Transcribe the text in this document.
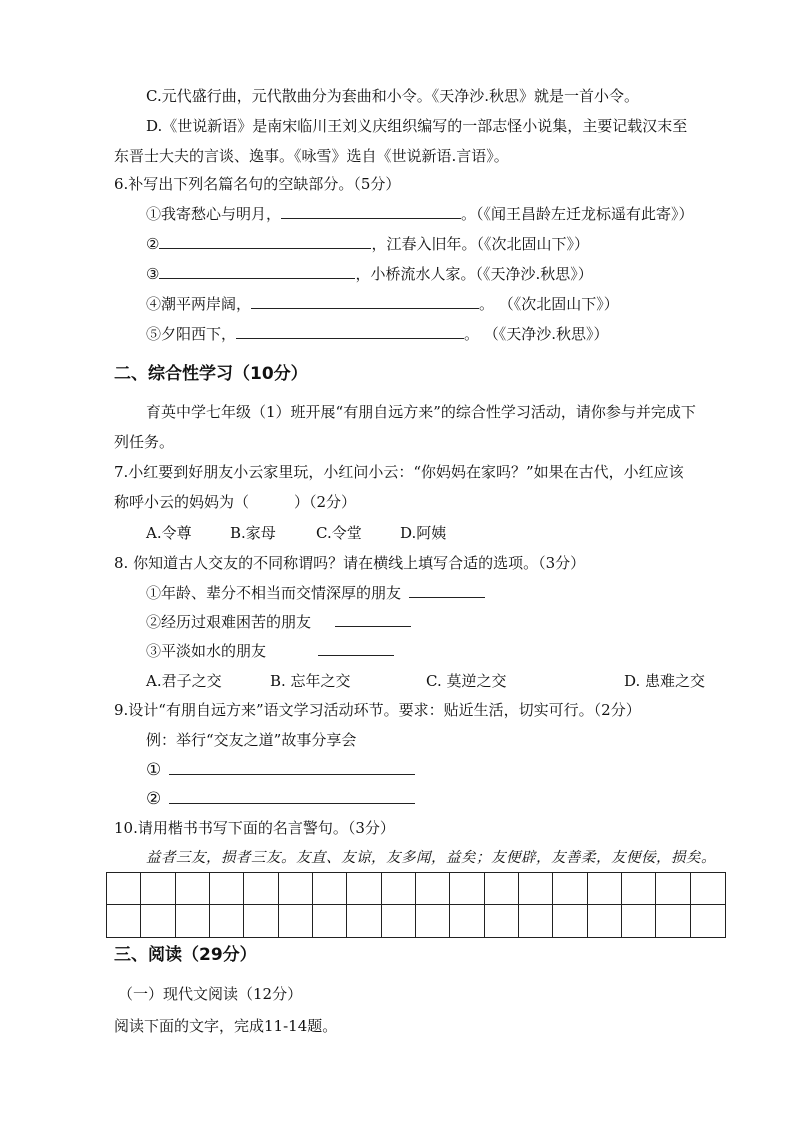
C.元代盛行曲，元代散曲分为套曲和小令。《天净沙.秋思》就是一首小令。
D.《世说新语》是南宋临川王刘义庆组织编写的一部志怪小说集，主要记载汉末至
东晋士大夫的言谈、逸事。《咏雪》选自《世说新语.言语》。
6.补写出下列名篇名句的空缺部分。（5分）
①我寄愁心与明月，	。（《闻王昌龄左迁龙标遥有此寄》）
②	，江春入旧年。（《次北固山下》）
③	，小桥流水人家。（《天净沙.秋思》）
④潮平两岸阔，	。 （《次北固山下》）
⑤夕阳西下，	。 （《天净沙.秋思》）
二、综合性学习（10分）
育英中学七年级（1）班开展“有朋自远方来”的综合性学习活动，请你参与并完成下
列任务。
7.小红要到好朋友小云家里玩，小红问小云：“你妈妈在家吗？”如果在古代，小红应该
称呼小云的妈妈为（　　　）（2分）
A.令尊	B.家母	C.令堂	D.阿姨
8. 你知道古人交友的不同称谓吗？请在横线上填写合适的选项。（3分）
①年龄、辈分不相当而交情深厚的朋友
②经历过艰难困苦的朋友
③平淡如水的朋友
A.君子之交	B. 忘年之交	C. 莫逆之交	D. 患难之交
9.设计“有朋自远方来”语文学习活动环节。要求：贴近生活，切实可行。（2分）
例：举行“交友之道”故事分享会
①
②
10.请用楷书书写下面的名言警句。（3分）
益者三友，损者三友。友直、友谅，友多闻，益矣；友便辟，友善柔，友便佞，损矣。
三、阅读（29分）
（一）现代文阅读（12分）
阅读下面的文字，完成11-14题。
